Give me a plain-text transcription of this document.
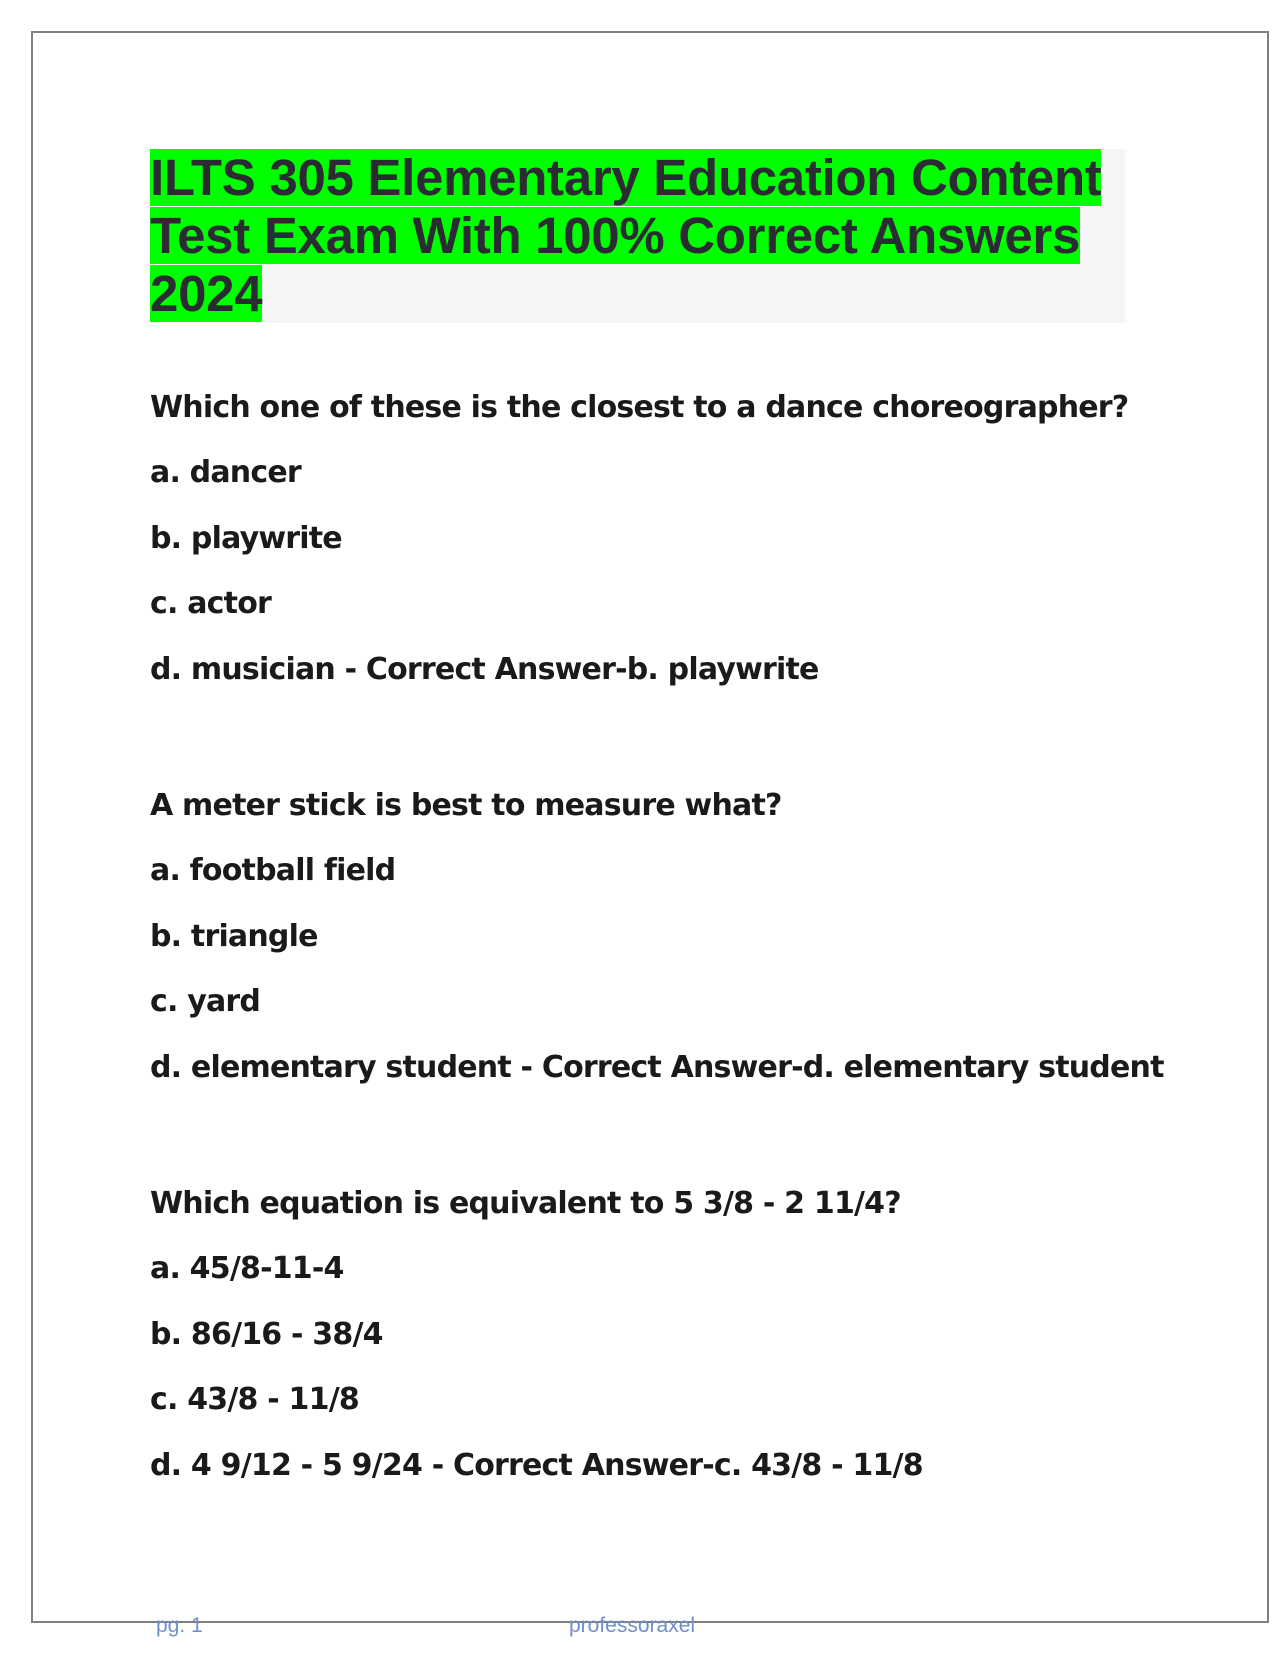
ILTS 305 Elementary Education Content
Test Exam With 100% Correct Answers
2024
Which one of these is the closest to a dance choreographer?
a. dancer
b. playwrite
c. actor
d. musician - Correct Answer-b. playwrite
A meter stick is best to measure what?
a. football field
b. triangle
c. yard
d. elementary student - Correct Answer-d. elementary student
Which equation is equivalent to 5 3/8 - 2 11/4?
a. 45/8-11-4
b. 86/16 - 38/4
c. 43/8 - 11/8
d. 4 9/12 - 5 9/24 - Correct Answer-c. 43/8 - 11/8
pg. 1	professoraxel
